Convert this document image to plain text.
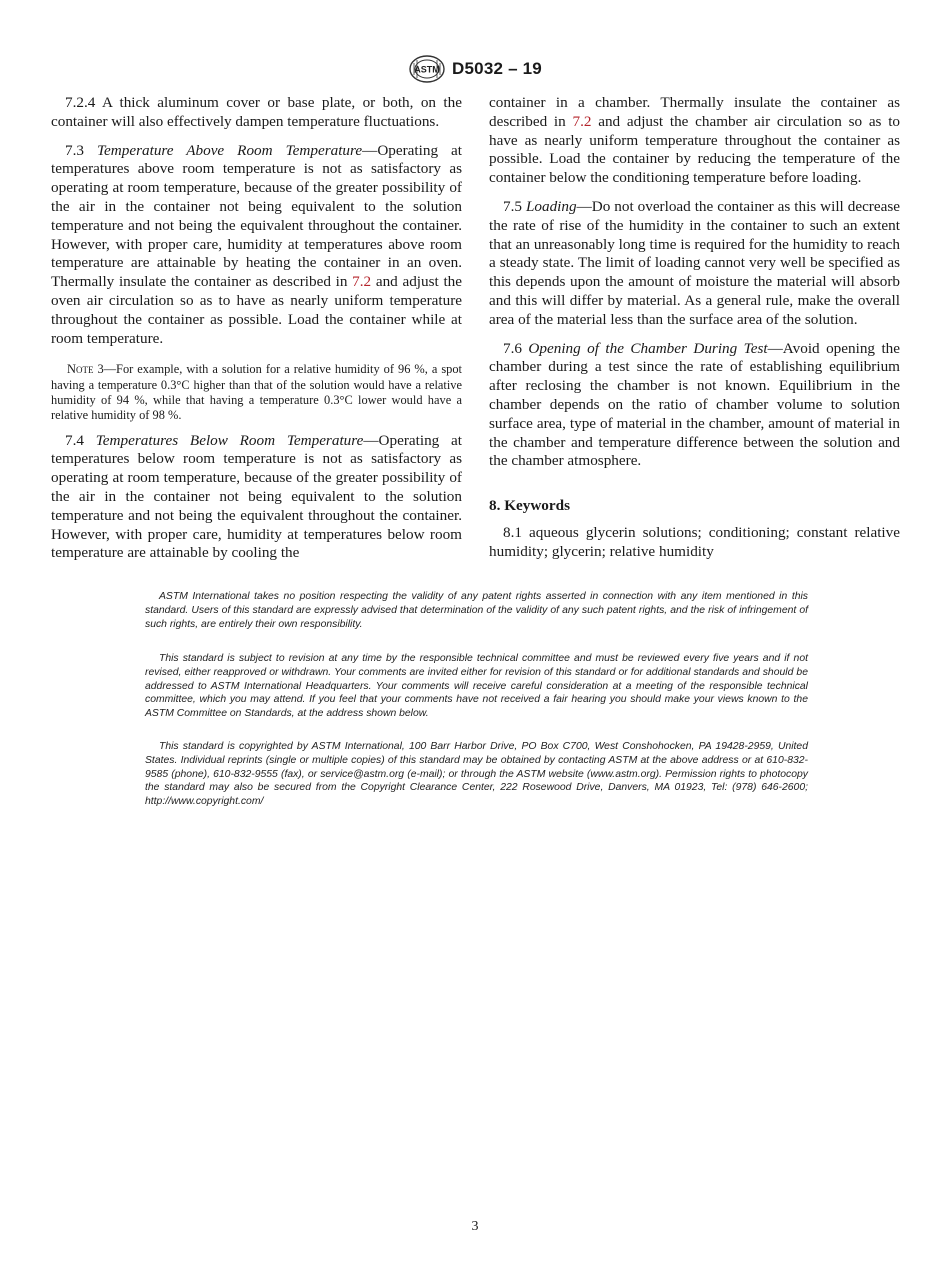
ASTM D5032 – 19

7.2.4 A thick aluminum cover or base plate, or both, on the container will also effectively dampen temperature fluctuations.

7.3 Temperature Above Room Temperature—Operating at temperatures above room temperature is not as satisfactory as operating at room temperature, because of the greater possibility of the air in the container not being equivalent to the solution temperature and not being the equivalent throughout the container. However, with proper care, humidity at temperatures above room temperature are attainable by heating the container in an oven. Thermally insulate the container as described in 7.2 and adjust the oven air circulation so as to have as nearly uniform temperature throughout the container as possible. Load the container while at room temperature.

Note 3—For example, with a solution for a relative humidity of 96 %, a spot having a temperature 0.3°C higher than that of the solution would have a relative humidity of 94 %, while that having a temperature 0.3°C lower would have a relative humidity of 98 %.

7.4 Temperatures Below Room Temperature—Operating at temperatures below room temperature is not as satisfactory as operating at room temperature, because of the greater possibility of the air in the container not being equivalent to the solution temperature and not being the equivalent throughout the container. However, with proper care, humidity at temperatures below room temperature are attainable by cooling the

container in a chamber. Thermally insulate the container as described in 7.2 and adjust the chamber air circulation so as to have as nearly uniform temperature throughout the container as possible. Load the container by reducing the temperature of the container below the conditioning temperature before loading.

7.5 Loading—Do not overload the container as this will decrease the rate of rise of the humidity in the container to such an extent that an unreasonably long time is required for the humidity to reach a steady state. The limit of loading cannot very well be specified as this depends upon the amount of moisture the material will absorb and this will differ by material. As a general rule, make the overall area of the material less than the surface area of the solution.

7.6 Opening of the Chamber During Test—Avoid opening the chamber during a test since the rate of establishing equilibrium after reclosing the chamber is not known. Equilibrium in the chamber depends on the ratio of chamber volume to solution surface area, type of material in the chamber, amount of material in the chamber and temperature difference between the solution and the chamber atmosphere.

8. Keywords

8.1 aqueous glycerin solutions; conditioning; constant relative humidity; glycerin; relative humidity

ASTM International takes no position respecting the validity of any patent rights asserted in connection with any item mentioned in this standard. Users of this standard are expressly advised that determination of the validity of any such patent rights, and the risk of infringement of such rights, are entirely their own responsibility.

This standard is subject to revision at any time by the responsible technical committee and must be reviewed every five years and if not revised, either reapproved or withdrawn. Your comments are invited either for revision of this standard or for additional standards and should be addressed to ASTM International Headquarters. Your comments will receive careful consideration at a meeting of the responsible technical committee, which you may attend. If you feel that your comments have not received a fair hearing you should make your views known to the ASTM Committee on Standards, at the address shown below.

This standard is copyrighted by ASTM International, 100 Barr Harbor Drive, PO Box C700, West Conshohocken, PA 19428-2959, United States. Individual reprints (single or multiple copies) of this standard may be obtained by contacting ASTM at the above address or at 610-832-9585 (phone), 610-832-9555 (fax), or service@astm.org (e-mail); or through the ASTM website (www.astm.org). Permission rights to photocopy the standard may also be secured from the Copyright Clearance Center, 222 Rosewood Drive, Danvers, MA 01923, Tel: (978) 646-2600; http://www.copyright.com/

3
